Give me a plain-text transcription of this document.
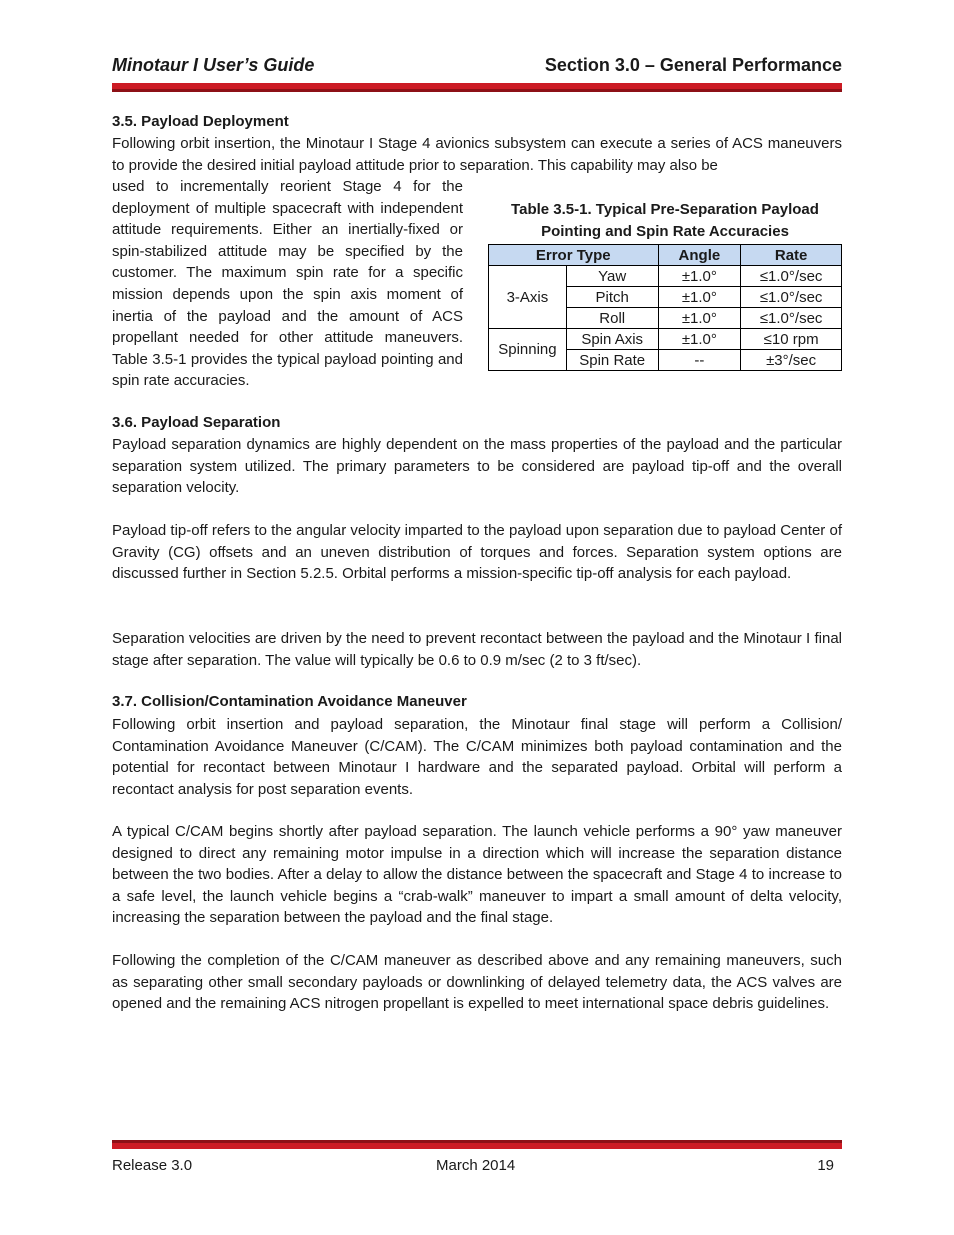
Minotaur I User’s Guide	Section 3.0 – General Performance
3.5. Payload Deployment

Following orbit insertion, the Minotaur I Stage 4 avionics subsystem can execute a series of ACS maneuvers to provide the desired initial payload attitude prior to separation. This capability may also be

used to incrementally reorient Stage 4 for the deployment of multiple spacecraft with independent attitude requirements. Either an inertially-fixed or spin-stabilized attitude may be specified by the customer. The maximum spin rate for a specific mission depends upon the spin axis moment of inertia of the payload and the amount of ACS propellant needed for other attitude maneuvers. Table 3.5-1 provides the typical payload pointing and spin rate accuracies.

Table 3.5-1. Typical Pre-Separation Payload
Pointing and Spin Rate Accuracies
Error Type		Angle	Rate
3-Axis	Yaw	±1.0°	≤1.0°/sec
	Pitch	±1.0°	≤1.0°/sec
	Roll	±1.0°	≤1.0°/sec
Spinning	Spin Axis	±1.0°	≤10 rpm
	Spin Rate	--	±3°/sec
3.6. Payload Separation

Payload separation dynamics are highly dependent on the mass properties of the payload and the particular separation system utilized. The primary parameters to be considered are payload tip-off and the overall separation velocity.

Payload tip-off refers to the angular velocity imparted to the payload upon separation due to payload Center of Gravity (CG) offsets and an uneven distribution of torques and forces. Separation system options are discussed further in Section 5.2.5. Orbital performs a mission-specific tip-off analysis for each payload.

Separation velocities are driven by the need to prevent recontact between the payload and the Minotaur I final stage after separation. The value will typically be 0.6 to 0.9 m/sec (2 to 3 ft/sec).

3.7. Collision/Contamination Avoidance Maneuver

Following orbit insertion and payload separation, the Minotaur final stage will perform a Collision/ Contamination Avoidance Maneuver (C/CAM). The C/CAM minimizes both payload contamination and the potential for recontact between Minotaur I hardware and the separated payload. Orbital will perform a recontact analysis for post separation events.

A typical C/CAM begins shortly after payload separation. The launch vehicle performs a 90° yaw maneuver designed to direct any remaining motor impulse in a direction which will increase the separation distance between the two bodies. After a delay to allow the distance between the spacecraft and Stage 4 to increase to a safe level, the launch vehicle begins a “crab-walk” maneuver to impart a small amount of delta velocity, increasing the separation between the payload and the final stage.

Following the completion of the C/CAM maneuver as described above and any remaining maneuvers, such as separating other small secondary payloads or downlinking of delayed telemetry data, the ACS valves are opened and the remaining ACS nitrogen propellant is expelled to meet international space debris guidelines.

Release 3.0	March 2014	19
